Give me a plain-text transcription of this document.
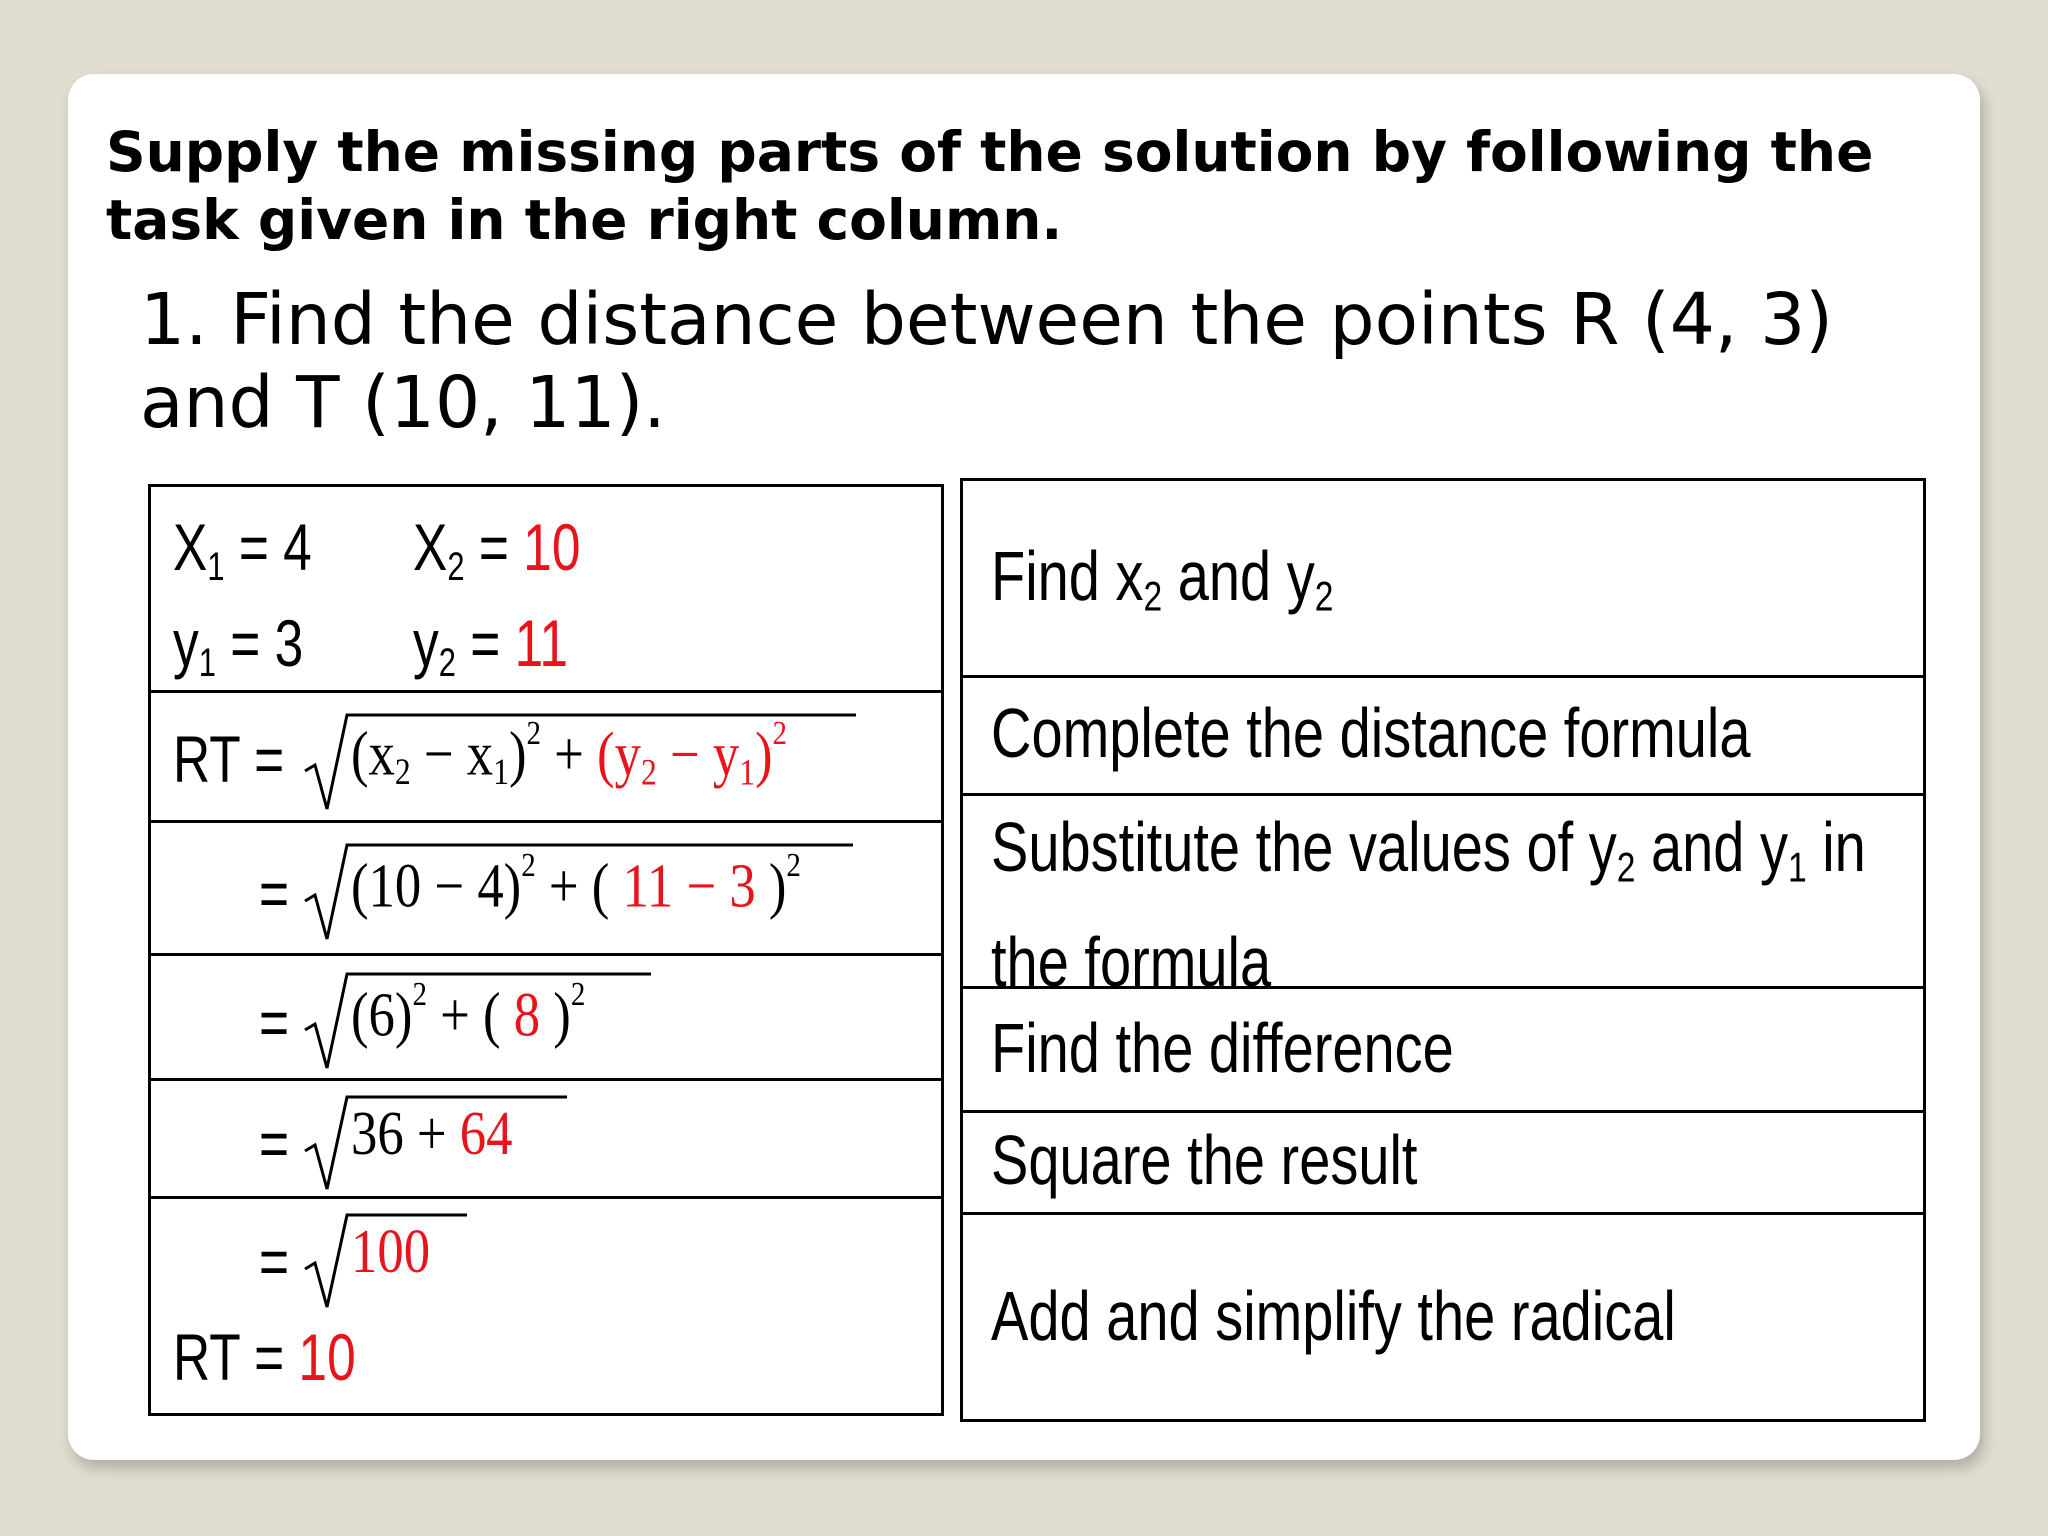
Supply the missing parts of the solution by following the task given in the right column.
1. Find the distance between the points R (4, 3) and T (10, 11).
$X_1 = 4$ $X_2 = 10$
$y_1 = 3$ $y_2 = 11$
RT = $(x_2 - x_1)^2 + (y_2 - y_1)^2$
= $(10 - 4)^2$ + ( 11 − 3 )$^2$
= $(6)^2$ + ( 8 )$^2$
= 36 + 64
= 100
RT = 10
Find $x_2$ and $y_2$
Complete the distance formula
Substitute the values of $y_2$ and $y_1$ in
the formula
Find the difference
Square the result
Add and simplify the radical
